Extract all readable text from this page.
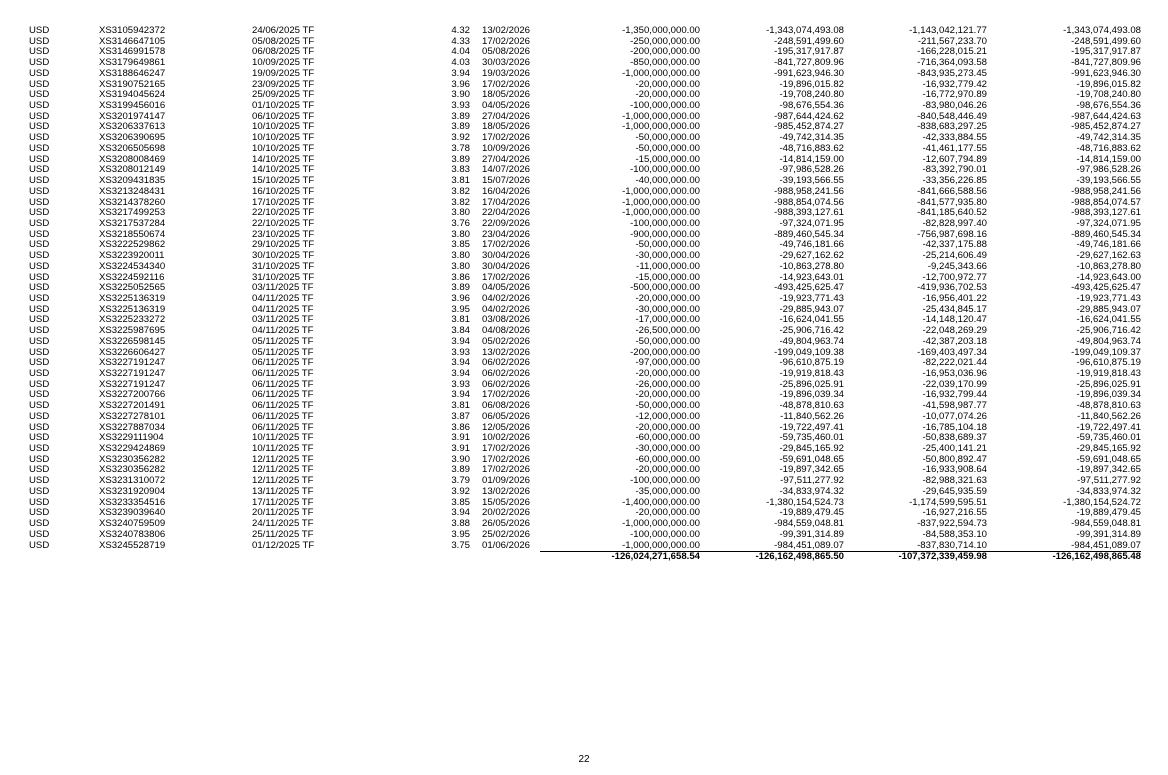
USD	XS3105942372	24/06/2025 TF	4.32	13/02/2026	-1,350,000,000.00	-1,343,074,493.08	-1,143,042,121.77	-1,343,074,493.08
USD	XS3146647105	05/08/2025 TF	4.33	17/02/2026	-250,000,000.00	-248,591,499.60	-211,567,233.70	-248,591,499.60
USD	XS3146991578	06/08/2025 TF	4.04	05/08/2026	-200,000,000.00	-195,317,917.87	-166,228,015.21	-195,317,917.87
USD	XS3179649861	10/09/2025 TF	4.03	30/03/2026	-850,000,000.00	-841,727,809.96	-716,364,093.58	-841,727,809.96
USD	XS3188646247	19/09/2025 TF	3.94	19/03/2026	-1,000,000,000.00	-991,623,946.30	-843,935,273.45	-991,623,946.30
USD	XS3190752165	23/09/2025 TF	3.96	17/02/2026	-20,000,000.00	-19,896,015.82	-16,932,779.42	-19,896,015.82
USD	XS3194045624	25/09/2025 TF	3.90	18/05/2026	-20,000,000.00	-19,708,240.80	-16,772,970.89	-19,708,240.80
USD	XS3199456016	01/10/2025 TF	3.93	04/05/2026	-100,000,000.00	-98,676,554.36	-83,980,046.26	-98,676,554.36
USD	XS3201974147	06/10/2025 TF	3.89	27/04/2026	-1,000,000,000.00	-987,644,424.62	-840,548,446.49	-987,644,424.63
USD	XS3206337613	10/10/2025 TF	3.89	18/05/2026	-1,000,000,000.00	-985,452,874.27	-838,683,297.25	-985,452,874.27
USD	XS3206390695	10/10/2025 TF	3.92	17/02/2026	-50,000,000.00	-49,742,314.35	-42,333,884.55	-49,742,314.35
USD	XS3206505698	10/10/2025 TF	3.78	10/09/2026	-50,000,000.00	-48,716,883.62	-41,461,177.55	-48,716,883.62
USD	XS3208008469	14/10/2025 TF	3.89	27/04/2026	-15,000,000.00	-14,814,159.00	-12,607,794.89	-14,814,159.00
USD	XS3208012149	14/10/2025 TF	3.83	14/07/2026	-100,000,000.00	-97,986,528.26	-83,392,790.01	-97,986,528.26
USD	XS3209431835	15/10/2025 TF	3.81	15/07/2026	-40,000,000.00	-39,193,566.55	-33,356,226.85	-39,193,566.55
USD	XS3213248431	16/10/2025 TF	3.82	16/04/2026	-1,000,000,000.00	-988,958,241.56	-841,666,588.56	-988,958,241.56
USD	XS3214378260	17/10/2025 TF	3.82	17/04/2026	-1,000,000,000.00	-988,854,074.56	-841,577,935.80	-988,854,074.57
USD	XS3217499253	22/10/2025 TF	3.80	22/04/2026	-1,000,000,000.00	-988,393,127.61	-841,185,640.52	-988,393,127.61
USD	XS3217537284	22/10/2025 TF	3.76	22/09/2026	-100,000,000.00	-97,324,071.95	-82,828,997.40	-97,324,071.95
USD	XS3218550674	23/10/2025 TF	3.80	23/04/2026	-900,000,000.00	-889,460,545.34	-756,987,698.16	-889,460,545.34
USD	XS3222529862	29/10/2025 TF	3.85	17/02/2026	-50,000,000.00	-49,746,181.66	-42,337,175.88	-49,746,181.66
USD	XS3223920011	30/10/2025 TF	3.80	30/04/2026	-30,000,000.00	-29,627,162.62	-25,214,606.49	-29,627,162.63
USD	XS3224534340	31/10/2025 TF	3.80	30/04/2026	-11,000,000.00	-10,863,278.80	-9,245,343.66	-10,863,278.80
USD	XS3224592116	31/10/2025 TF	3.86	17/02/2026	-15,000,000.00	-14,923,643.01	-12,700,972.77	-14,923,643.00
USD	XS3225052565	03/11/2025 TF	3.89	04/05/2026	-500,000,000.00	-493,425,625.47	-419,936,702.53	-493,425,625.47
USD	XS3225136319	04/11/2025 TF	3.96	04/02/2026	-20,000,000.00	-19,923,771.43	-16,956,401.22	-19,923,771.43
USD	XS3225136319	04/11/2025 TF	3.95	04/02/2026	-30,000,000.00	-29,885,943.07	-25,434,845.17	-29,885,943.07
USD	XS3225233272	03/11/2025 TF	3.81	03/08/2026	-17,000,000.00	-16,624,041.55	-14,148,120.47	-16,624,041.55
USD	XS3225987695	04/11/2025 TF	3.84	04/08/2026	-26,500,000.00	-25,906,716.42	-22,048,269.29	-25,906,716.42
USD	XS3226598145	05/11/2025 TF	3.94	05/02/2026	-50,000,000.00	-49,804,963.74	-42,387,203.18	-49,804,963.74
USD	XS3226606427	05/11/2025 TF	3.93	13/02/2026	-200,000,000.00	-199,049,109.38	-169,403,497.34	-199,049,109.37
USD	XS3227191247	06/11/2025 TF	3.94	06/02/2026	-97,000,000.00	-96,610,875.19	-82,222,021.44	-96,610,875.19
USD	XS3227191247	06/11/2025 TF	3.94	06/02/2026	-20,000,000.00	-19,919,818.43	-16,953,036.96	-19,919,818.43
USD	XS3227191247	06/11/2025 TF	3.93	06/02/2026	-26,000,000.00	-25,896,025.91	-22,039,170.99	-25,896,025.91
USD	XS3227200766	06/11/2025 TF	3.94	17/02/2026	-20,000,000.00	-19,896,039.34	-16,932,799.44	-19,896,039.34
USD	XS3227201491	06/11/2025 TF	3.81	06/08/2026	-50,000,000.00	-48,878,810.63	-41,598,987.77	-48,878,810.63
USD	XS3227278101	06/11/2025 TF	3.87	06/05/2026	-12,000,000.00	-11,840,562.26	-10,077,074.26	-11,840,562.26
USD	XS3227887034	06/11/2025 TF	3.86	12/05/2026	-20,000,000.00	-19,722,497.41	-16,785,104.18	-19,722,497.41
USD	XS3229111904	10/11/2025 TF	3.91	10/02/2026	-60,000,000.00	-59,735,460.01	-50,838,689.37	-59,735,460.01
USD	XS3229424869	10/11/2025 TF	3.91	17/02/2026	-30,000,000.00	-29,845,165.92	-25,400,141.21	-29,845,165.92
USD	XS3230356282	12/11/2025 TF	3.90	17/02/2026	-60,000,000.00	-59,691,048.65	-50,800,892.47	-59,691,048.65
USD	XS3230356282	12/11/2025 TF	3.89	17/02/2026	-20,000,000.00	-19,897,342.65	-16,933,908.64	-19,897,342.65
USD	XS3231310072	12/11/2025 TF	3.79	01/09/2026	-100,000,000.00	-97,511,277.92	-82,988,321.63	-97,511,277.92
USD	XS3231920904	13/11/2025 TF	3.92	13/02/2026	-35,000,000.00	-34,833,974.32	-29,645,935.59	-34,833,974.32
USD	XS3233354516	17/11/2025 TF	3.85	15/05/2026	-1,400,000,000.00	-1,380,154,524.73	-1,174,599,595.51	-1,380,154,524.72
USD	XS3239039640	20/11/2025 TF	3.94	20/02/2026	-20,000,000.00	-19,889,479.45	-16,927,216.55	-19,889,479.45
USD	XS3240759509	24/11/2025 TF	3.88	26/05/2026	-1,000,000,000.00	-984,559,048.81	-837,922,594.73	-984,559,048.81
USD	XS3240783806	25/11/2025 TF	3.95	25/02/2026	-100,000,000.00	-99,391,314.89	-84,588,353.10	-99,391,314.89
USD	XS3245528719	01/12/2025 TF	3.75	01/06/2026	-1,000,000,000.00	-984,451,089.07	-837,830,714.10	-984,451,089.07
					-126,024,271,658.54	-126,162,498,865.50	-107,372,339,459.98	-126,162,498,865.48
22
